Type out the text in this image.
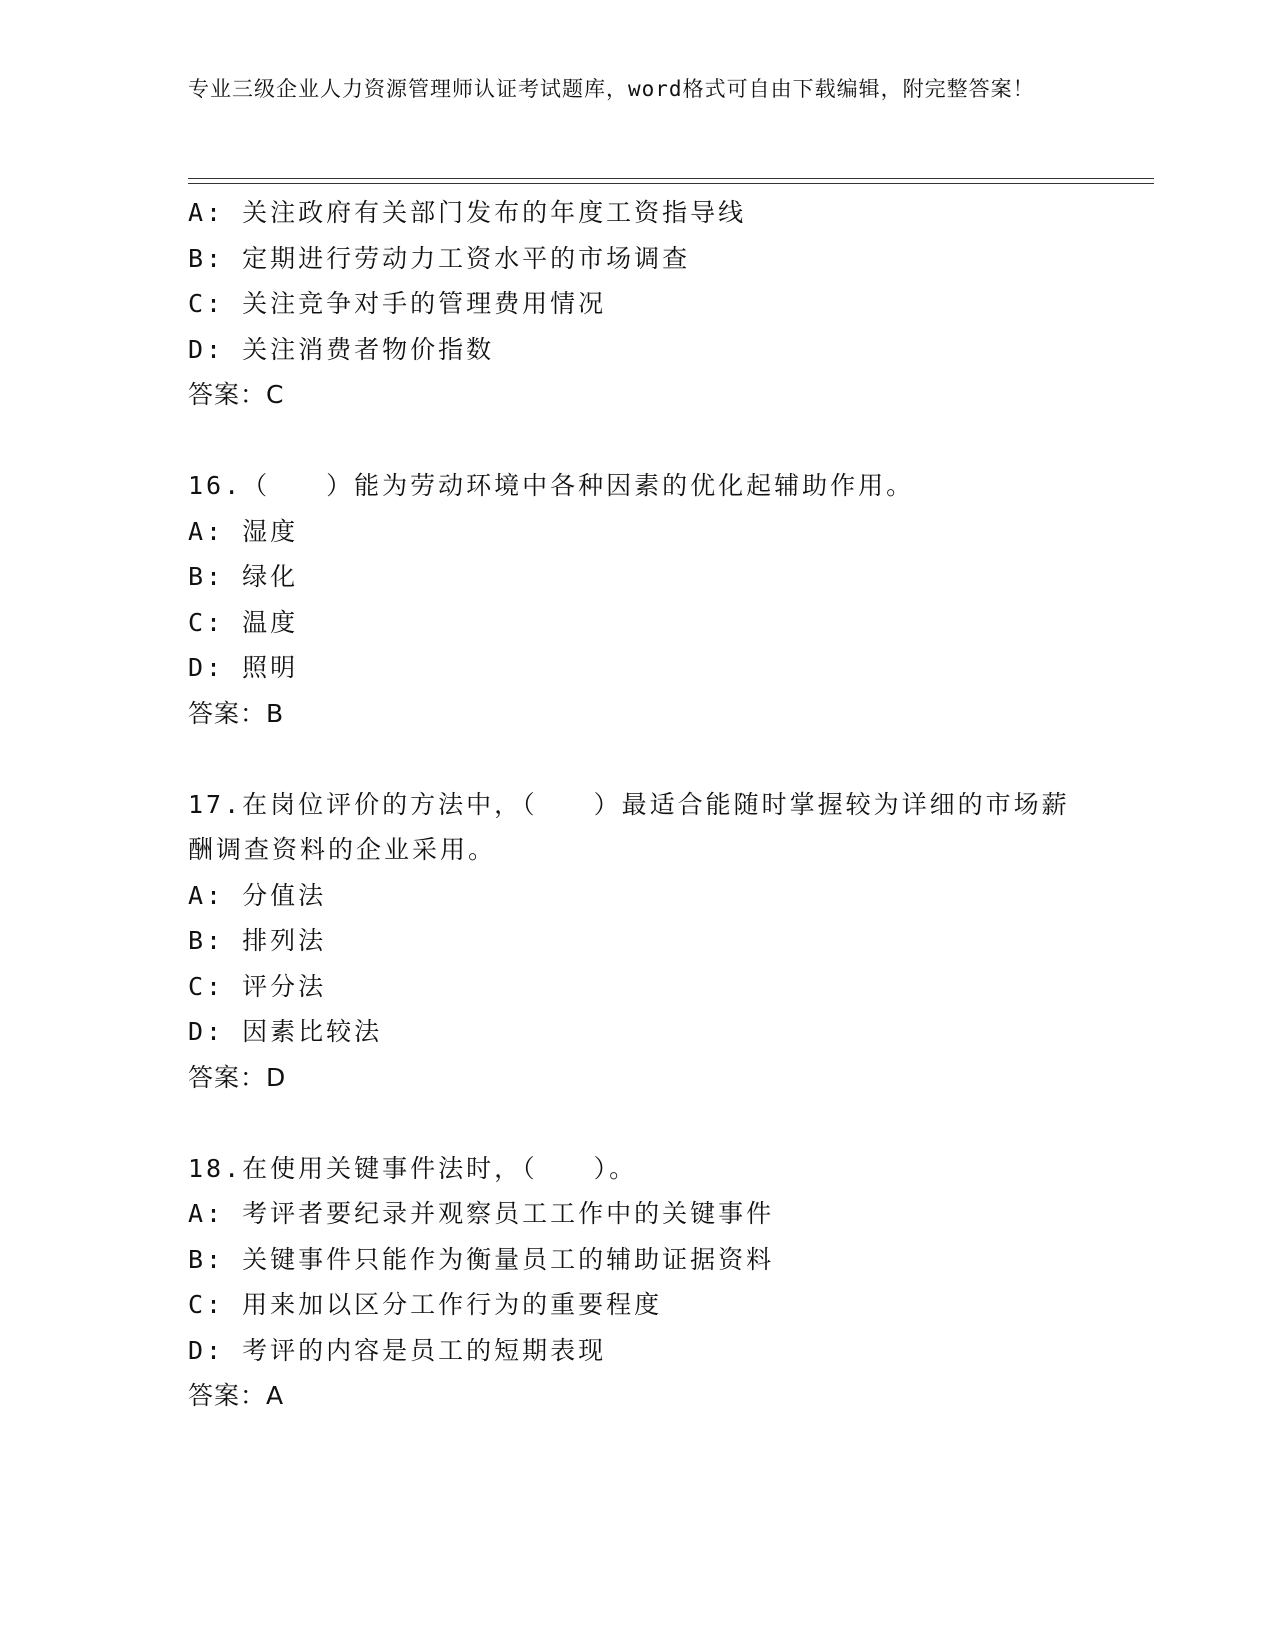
专业三级企业人力资源管理师认证考试题库，word格式可自由下载编辑，附完整答案！
A: 关注政府有关部门发布的年度工资指导线
B: 定期进行劳动力工资水平的市场调查
C: 关注竞争对手的管理费用情况
D: 关注消费者物价指数
答案：C
16.（　　）能为劳动环境中各种因素的优化起辅助作用。
A: 湿度
B: 绿化
C: 温度
D: 照明
答案：B
17.在岗位评价的方法中，（　　）最适合能随时掌握较为详细的市场薪酬调查资料的企业采用。
A: 分值法
B: 排列法
C: 评分法
D: 因素比较法
答案：D
18.在使用关键事件法时，（　　）。
A: 考评者要纪录并观察员工工作中的关键事件
B: 关键事件只能作为衡量员工的辅助证据资料
C: 用来加以区分工作行为的重要程度
D: 考评的内容是员工的短期表现
答案：A
